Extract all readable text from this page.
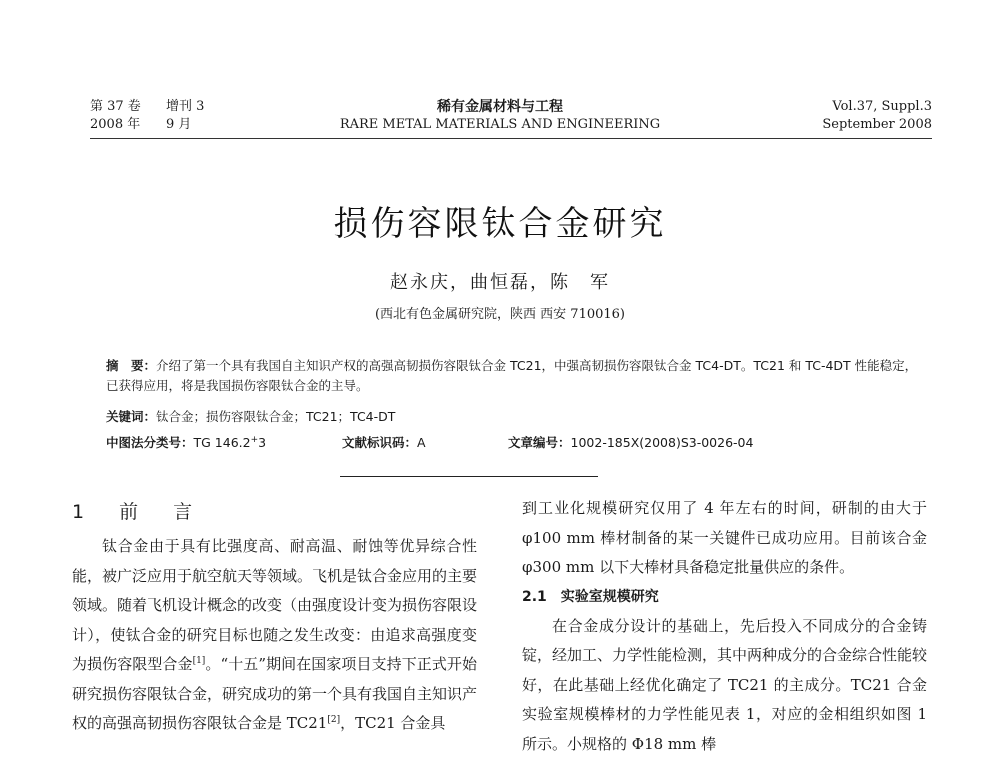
第 37 卷 增刊 3
2008 年 9 月
稀有金属材料与工程
RARE METAL MATERIALS AND ENGINEERING
Vol.37, Suppl.3
September 2008
损伤容限钛合金研究
赵永庆，曲恒磊，陈　军
(西北有色金属研究院，陕西 西安 710016)
摘　要：介绍了第一个具有我国自主知识产权的高强高韧损伤容限钛合金 TC21，中强高韧损伤容限钛合金 TC4-DT。TC21 和 TC-4DT 性能稳定，已获得应用，将是我国损伤容限钛合金的主导。
关键词：钛合金；损伤容限钛合金；TC21；TC4-DT
中图法分类号：TG 146.2+3	文献标识码：A	文章编号：1002-185X(2008)S3-0026-04
1　前　言

钛合金由于具有比强度高、耐高温、耐蚀等优异综合性能，被广泛应用于航空航天等领域。飞机是钛合金应用的主要领域。随着飞机设计概念的改变（由强度设计变为损伤容限设计），使钛合金的研究目标也随之发生改变：由追求高强度变为损伤容限型合金[1]。“十五”期间在国家项目支持下正式开始研究损伤容限钛合金，研究成功的第一个具有我国自主知识产权的高强高韧损伤容限钛合金是 TC21[2]，TC21 合金具

到工业化规模研究仅用了 4 年左右的时间，研制的由大于φ100 mm 棒材制备的某一关键件已成功应用。目前该合金φ300 mm 以下大棒材具备稳定批量供应的条件。

2.1　实验室规模研究

在合金成分设计的基础上，先后投入不同成分的合金铸锭，经加工、力学性能检测，其中两种成分的合金综合性能较好，在此基础上经优化确定了 TC21 的主成分。TC21 合金实验室规模棒材的力学性能见表 1，对应的金相组织如图 1 所示。小规格的 Φ18 mm 棒
